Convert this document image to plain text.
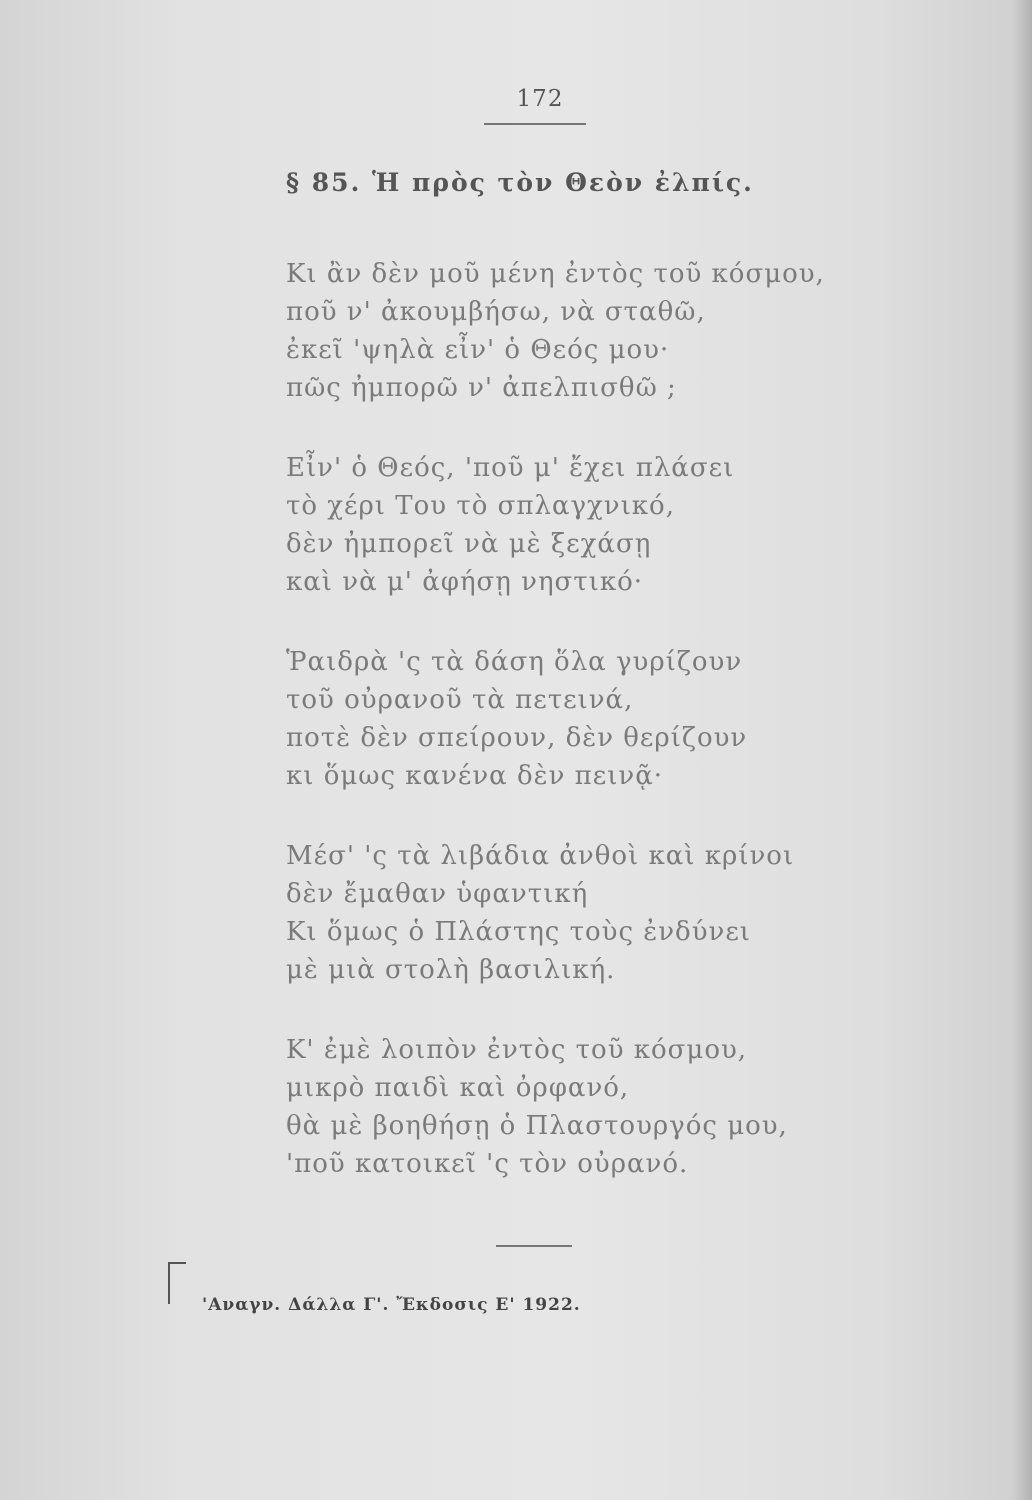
172
§ 85. Ἡ πρὸς τὸν Θεὸν ἐλπίς.
Κι ἂν δὲν μοῦ μένη ἐντὸς τοῦ κόσμου,
ποῦ ν' ἀκουμβήσω, νὰ σταθῶ,
ἐκεῖ 'ψηλὰ εἶν' ὁ Θεός μου·
πῶς ἠμπορῶ ν' ἀπελπισθῶ ;
Εἶν' ὁ Θεός, 'ποῦ μ' ἔχει πλάσει
τὸ χέρι Του τὸ σπλαγχνικό,
δὲν ἠμπορεῖ νὰ μὲ ξεχάσῃ
καὶ νὰ μ' ἀφήσῃ νηστικό·
Ῥαιδρὰ 'ς τὰ δάση ὅλα γυρίζουν
τοῦ οὐρανοῦ τὰ πετεινά,
ποτὲ δὲν σπείρουν, δὲν θερίζουν
κι ὅμως κανένα δὲν πεινᾷ·
Μέσ' 'ς τὰ λιβάδια ἀνθοὶ καὶ κρίνοι
δὲν ἔμαθαν ὑφαντική
Κι ὅμως ὁ Πλάστης τοὺς ἐνδύνει
μὲ μιὰ στολὴ βασιλική.
Κ' ἐμὲ λοιπὸν ἐντὸς τοῦ κόσμου,
μικρὸ παιδὶ καὶ ὀρφανό,
θὰ μὲ βοηθήσῃ ὁ Πλαστουργός μου,
'ποῦ κατοικεῖ 'ς τὸν οὐρανό.
'Αναγν. Δάλλα Γ'. Ἔκδοσις Ε' 1922.
